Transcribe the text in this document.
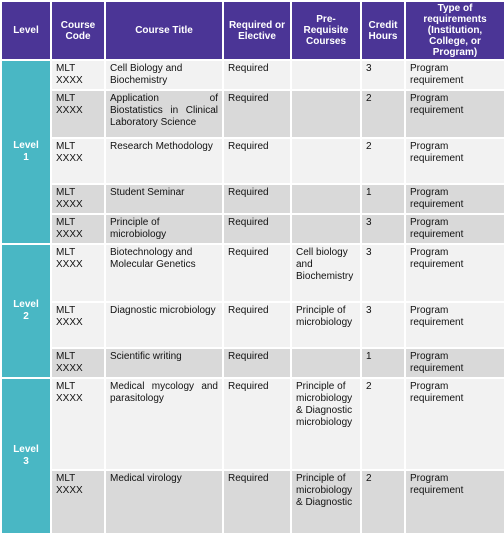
Level	Course Code	Course Title	Required or Elective	Pre-Requisite Courses	Credit Hours	Type of requirements (Institution, College, or Program)
Level
1	MLT XXXX	Cell Biology and Biochemistry	Required		3	Program requirement
	MLT XXXX	Application of Biostatistics in Clinical Laboratory Science	Required		2	Program requirement
	MLT XXXX	Research Methodology	Required		2	Program requirement
	MLT XXXX	Student Seminar	Required		1	Program requirement
	MLT XXXX	Principle of microbiology	Required		3	Program requirement
Level
2	MLT XXXX	Biotechnology and Molecular Genetics	Required	Cell biology and Biochemistry	3	Program requirement
	MLT XXXX	Diagnostic microbiology	Required	Principle of microbiology	3	Program requirement
	MLT XXXX	Scientific writing	Required		1	Program requirement
Level
3	MLT XXXX	Medical mycology and parasitology	Required	Principle of microbiology & Diagnostic microbiology	2	Program requirement
	MLT XXXX	Medical virology	Required	Principle of microbiology & Diagnostic	2	Program requirement
